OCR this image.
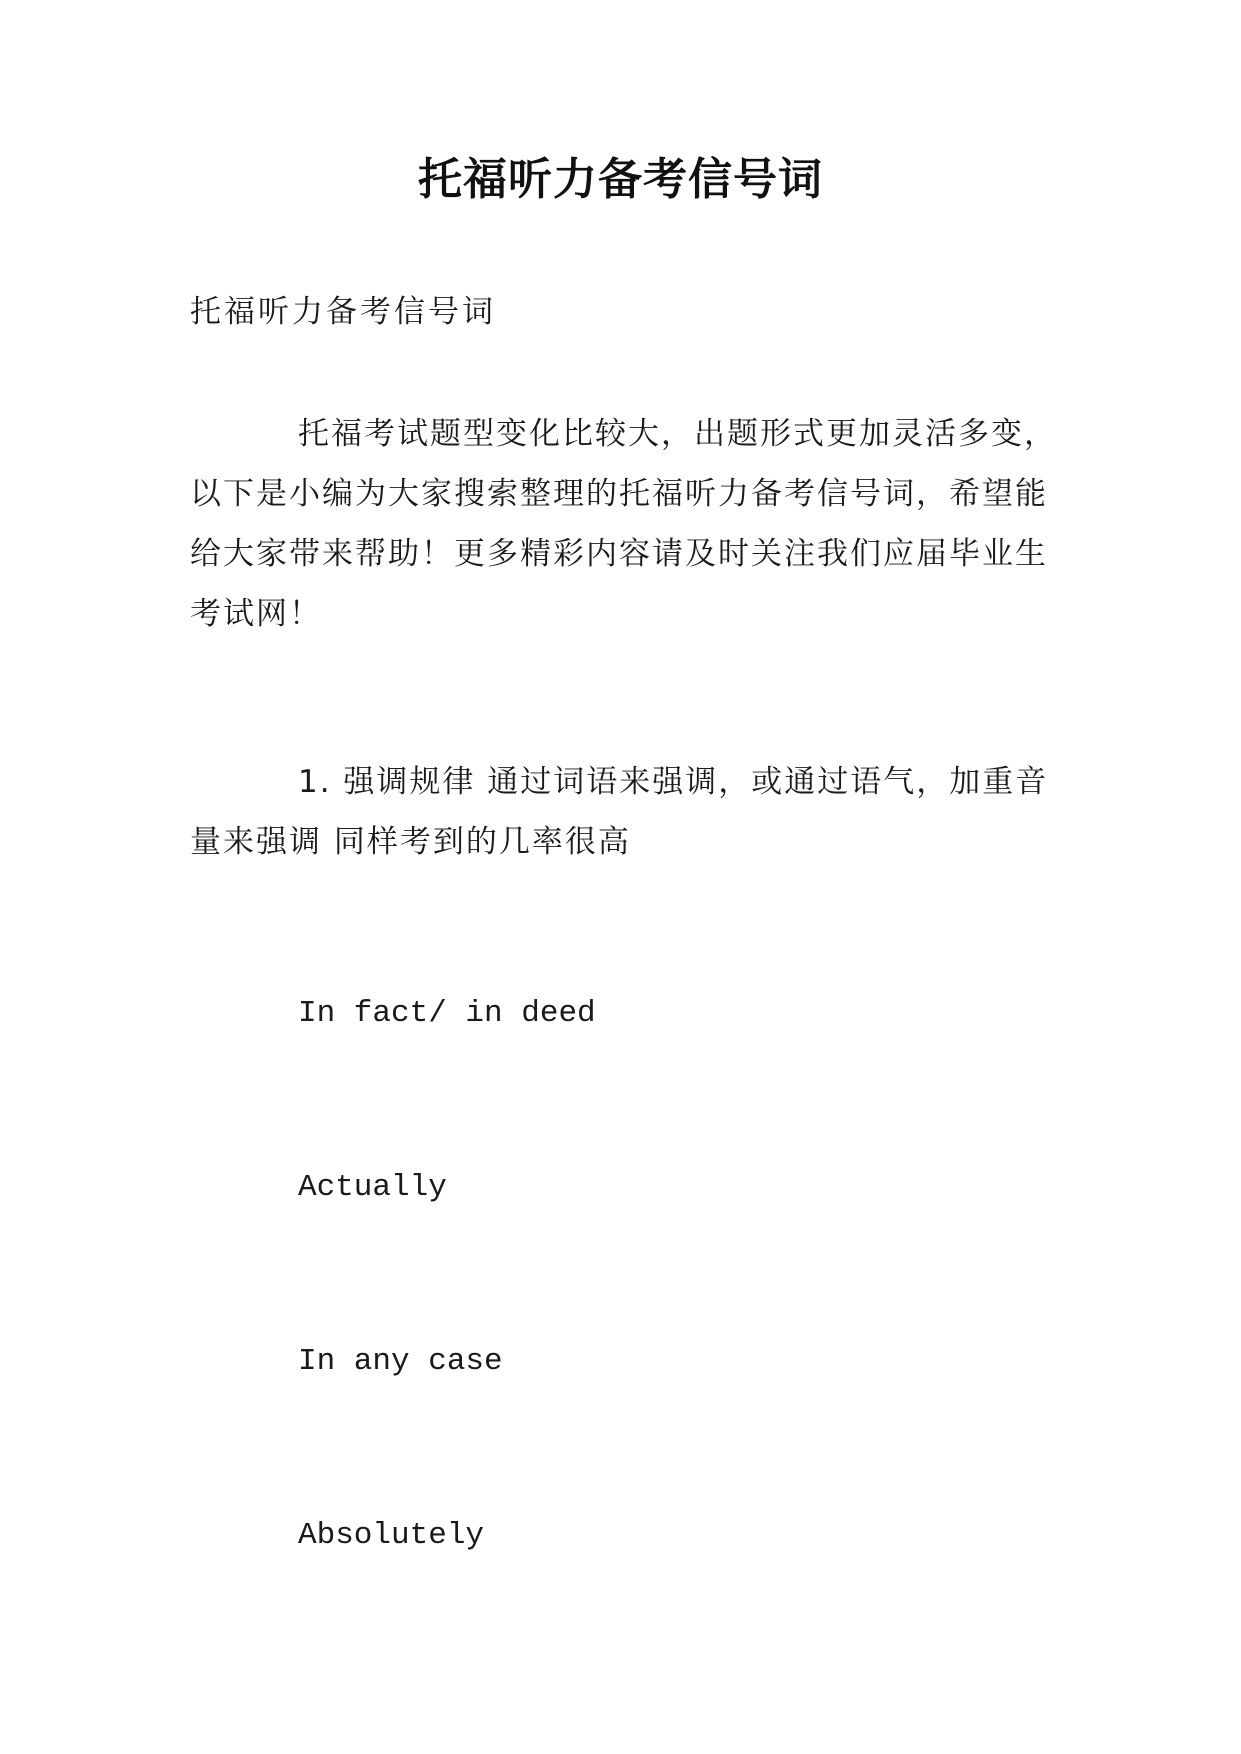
托福听力备考信号词
托福听力备考信号词
托福考试题型变化比较大，出题形式更加灵活多变，以下是小编为大家搜索整理的托福听力备考信号词，希望能给大家带来帮助！更多精彩内容请及时关注我们应届毕业生考试网！
1. 强调规律 通过词语来强调，或通过语气，加重音量来强调 同样考到的几率很高
In fact/ in deed
Actually
In any case
Absolutely
